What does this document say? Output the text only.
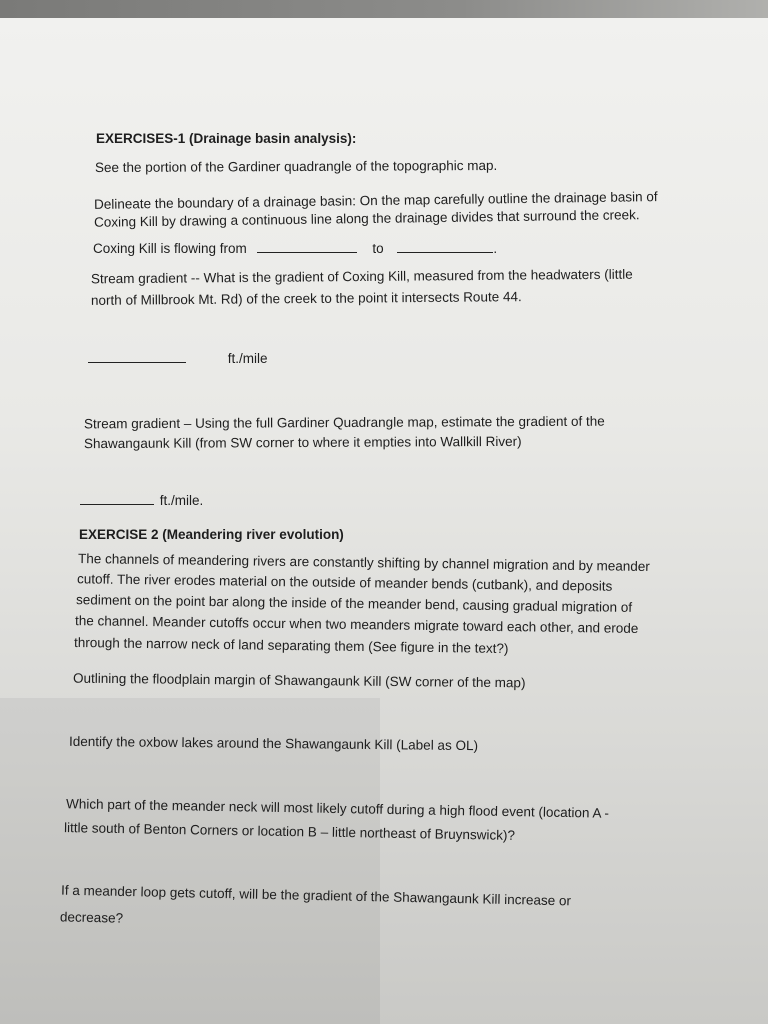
EXERCISES-1 (Drainage basin analysis):
See the portion of the Gardiner quadrangle of the topographic map.
Delineate the boundary of a drainage basin: On the map carefully outline the drainage basin of
Coxing Kill by drawing a continuous line along the drainage divides that surround the creek.
Coxing Kill is flowing from	to	.
Stream gradient -- What is the gradient of Coxing Kill, measured from the headwaters (little
north of Millbrook Mt. Rd) of the creek to the point it intersects Route 44.
ft./mile
Stream gradient – Using the full Gardiner Quadrangle map, estimate the gradient of the
Shawangaunk Kill (from SW corner to where it empties into Wallkill River)
ft./mile.
EXERCISE 2 (Meandering river evolution)
The channels of meandering rivers are constantly shifting by channel migration and by meander
cutoff. The river erodes material on the outside of meander bends (cutbank), and deposits
sediment on the point bar along the inside of the meander bend, causing gradual migration of
the channel. Meander cutoffs occur when two meanders migrate toward each other, and erode
through the narrow neck of land separating them (See figure in the text?)
Outlining the floodplain margin of Shawangaunk Kill (SW corner of the map)
Identify the oxbow lakes around the Shawangaunk Kill (Label as OL)
Which part of the meander neck will most likely cutoff during a high flood event (location A -
little south of Benton Corners or location B – little northeast of Bruynswick)?
If a meander loop gets cutoff, will be the gradient of the Shawangaunk Kill increase or
decrease?
